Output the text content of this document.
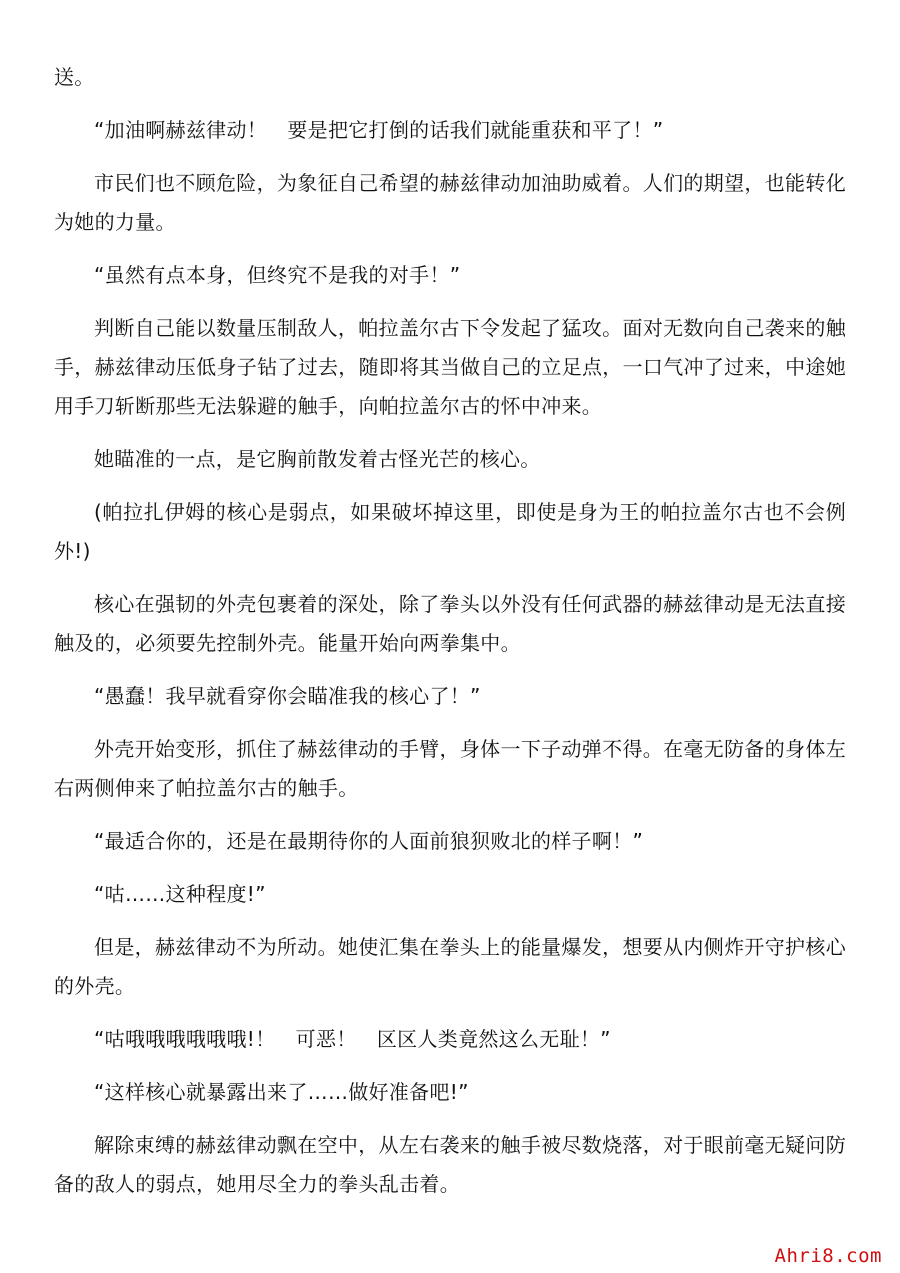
送。

“加油啊赫兹律动！　要是把它打倒的话我们就能重获和平了！”

市民们也不顾危险，为象征自己希望的赫兹律动加油助威着。人们的期望，也能转化为她的力量。

“虽然有点本身，但终究不是我的对手！”

判断自己能以数量压制敌人，帕拉盖尔古下令发起了猛攻。面对无数向自己袭来的触手，赫兹律动压低身子钻了过去，随即将其当做自己的立足点，一口气冲了过来，中途她用手刀斩断那些无法躲避的触手，向帕拉盖尔古的怀中冲来。

她瞄准的一点，是它胸前散发着古怪光芒的核心。

(帕拉扎伊姆的核心是弱点，如果破坏掉这里，即使是身为王的帕拉盖尔古也不会例外!)

核心在强韧的外壳包裹着的深处，除了拳头以外没有任何武器的赫兹律动是无法直接触及的，必须要先控制外壳。能量开始向两拳集中。

“愚蠢！我早就看穿你会瞄准我的核心了！”

外壳开始变形，抓住了赫兹律动的手臂，身体一下子动弹不得。在毫无防备的身体左右两侧伸来了帕拉盖尔古的触手。

“最适合你的，还是在最期待你的人面前狼狈败北的样子啊！”

“咕……这种程度!”

但是，赫兹律动不为所动。她使汇集在拳头上的能量爆发，想要从内侧炸开守护核心的外壳。

“咕哦哦哦哦哦哦!！　可恶！　区区人类竟然这么无耻！”

“这样核心就暴露出来了……做好准备吧!”

解除束缚的赫兹律动飘在空中，从左右袭来的触手被尽数烧落，对于眼前毫无疑问防备的敌人的弱点，她用尽全力的拳头乱击着。

Ahri8.com
